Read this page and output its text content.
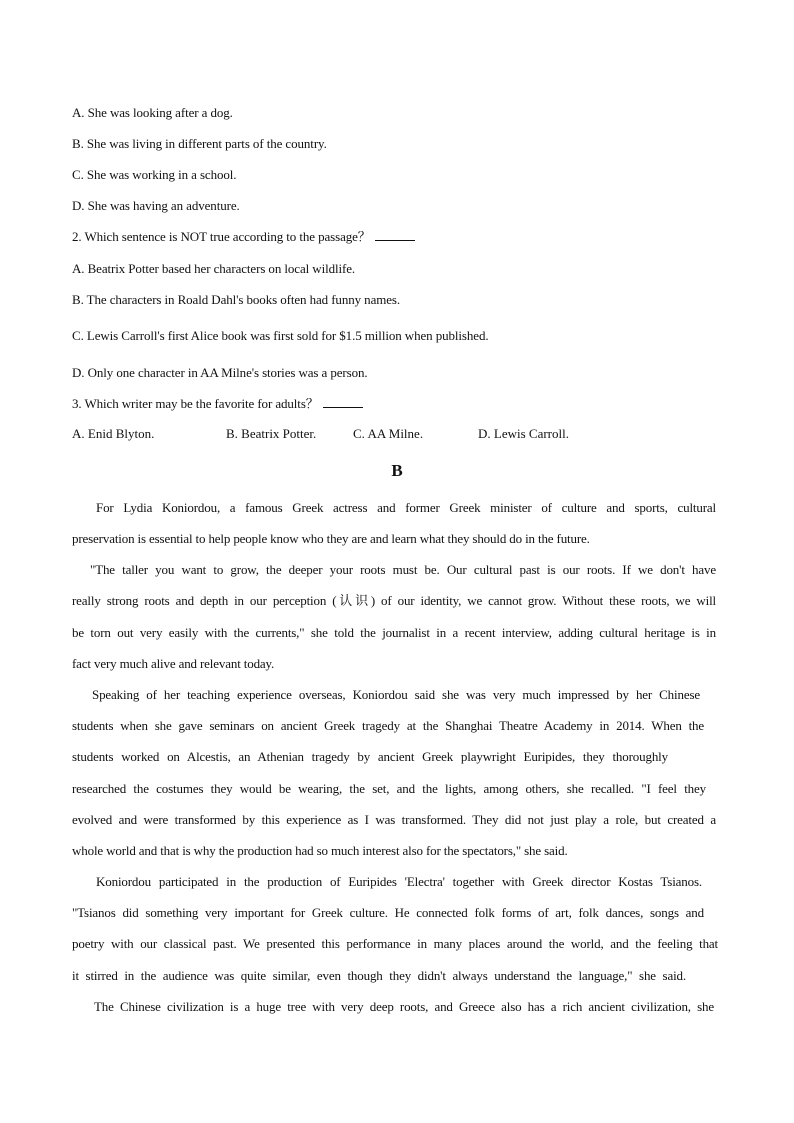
A. She was looking after a dog.
B. She was living in different parts of the country.
C. She was working in a school.
D. She was having an adventure.
2. Which sentence is NOT true according to the passage？
A. Beatrix Potter based her characters on local wildlife.
B. The characters in Roald Dahl's books often had funny names.
C. Lewis Carroll's first Alice book was first sold for $1.5 million when published.
D. Only one character in AA Milne's stories was a person.
3. Which writer may be the favorite for adults？
A. Enid Blyton.	B. Beatrix Potter.	C. AA Milne.	D. Lewis Carroll.
B
For Lydia Koniordou, a famous Greek actress and former Greek minister of culture and sports, cultural
preservation is essential to help people know who they are and learn what they should do in the future.
"The taller you want to grow, the deeper your roots must be. Our cultural past is our roots. If we don't have
really strong roots and depth in our perception (认识) of our identity, we cannot grow. Without these roots, we will
be torn out very easily with the currents," she told the journalist in a recent interview, adding cultural heritage is in
fact very much alive and relevant today.
Speaking of her teaching experience overseas, Koniordou said she was very much impressed by her Chinese
students when she gave seminars on ancient Greek tragedy at the Shanghai Theatre Academy in 2014. When the
students worked on Alcestis, an Athenian tragedy by ancient Greek playwright Euripides, they thoroughly
researched the costumes they would be wearing, the set, and the lights, among others, she recalled. "I feel they
evolved and were transformed by this experience as I was transformed. They did not just play a role, but created a
whole world and that is why the production had so much interest also for the spectators," she said.
Koniordou participated in the production of Euripides 'Electra' together with Greek director Kostas Tsianos.
"Tsianos did something very important for Greek culture. He connected folk forms of art, folk dances, songs and
poetry with our classical past. We presented this performance in many places around the world, and the feeling that
it stirred in the audience was quite similar, even though they didn't always understand the language," she said.
The Chinese civilization is a huge tree with very deep roots, and Greece also has a rich ancient civilization, she
